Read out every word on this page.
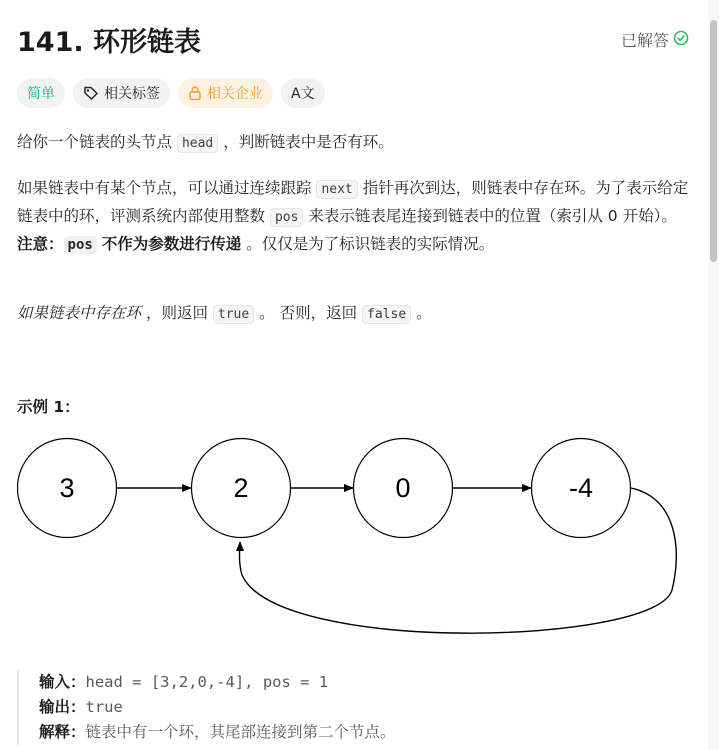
141. 环形链表	已解答
简单	相关标签	相关企业 A文
给你一个链表的头节点 head ，判断链表中是否有环。
如果链表中有某个节点，可以通过连续跟踪 next 指针再次到达，则链表中存在环。为了表示给定链表中的环，评测系统内部使用整数 pos 来表示链表尾连接到链表中的位置（索引从 0 开始）。注意： pos 不作为参数进行传递 。仅仅是为了标识链表的实际情况。
如果链表中存在环 ，则返回 true 。 否则，返回 false 。
示例 1：
3	2	0	-4
输入：head = [3,2,0,-4], pos = 1
输出：true
解释：链表中有一个环，其尾部连接到第二个节点。
